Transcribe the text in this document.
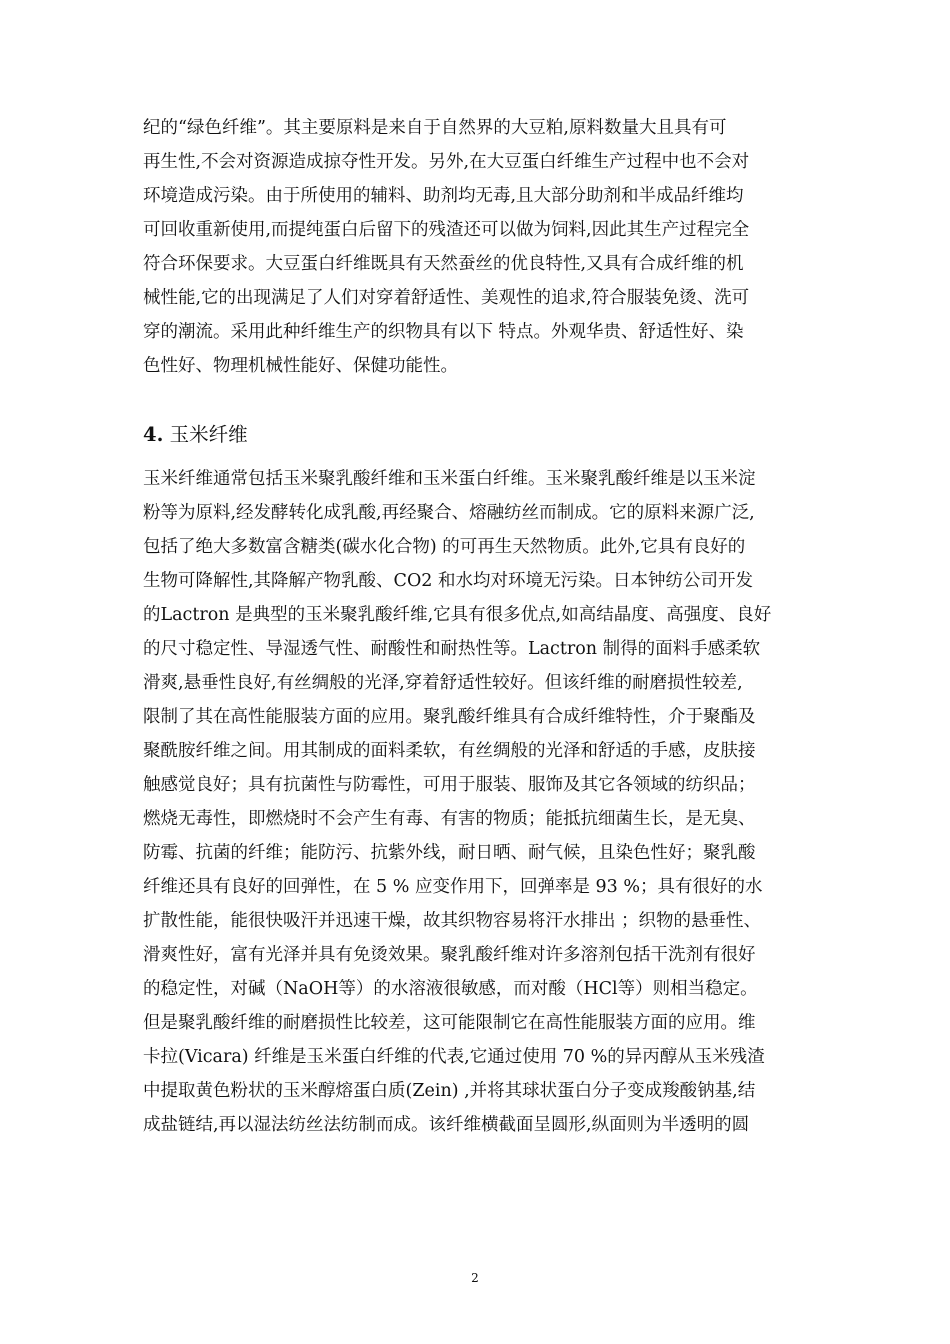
纪的“绿色纤维”。其主要原料是来自于自然界的大豆粕,原料数量大且具有可
再生性,不会对资源造成掠夺性开发。另外,在大豆蛋白纤维生产过程中也不会对
环境造成污染。由于所使用的辅料、助剂均无毒,且大部分助剂和半成品纤维均
可回收重新使用,而提纯蛋白后留下的残渣还可以做为饲料,因此其生产过程完全
符合环保要求。大豆蛋白纤维既具有天然蚕丝的优良特性,又具有合成纤维的机
械性能,它的出现满足了人们对穿着舒适性、美观性的追求,符合服装免烫、洗可
穿的潮流。采用此种纤维生产的织物具有以下 特点。外观华贵、舒适性好、染
色性好、物理机械性能好、保健功能性。
4. 玉米纤维
玉米纤维通常包括玉米聚乳酸纤维和玉米蛋白纤维。玉米聚乳酸纤维是以玉米淀
粉等为原料,经发酵转化成乳酸,再经聚合、熔融纺丝而制成。它的原料来源广泛,
包括了绝大多数富含糖类(碳水化合物) 的可再生天然物质。此外,它具有良好的
生物可降解性,其降解产物乳酸、CO2 和水均对环境无污染。日本钟纺公司开发
的Lactron 是典型的玉米聚乳酸纤维,它具有很多优点,如高结晶度、高强度、良好
的尺寸稳定性、导湿透气性、耐酸性和耐热性等。Lactron 制得的面料手感柔软
滑爽,悬垂性良好,有丝绸般的光泽,穿着舒适性较好。但该纤维的耐磨损性较差,
限制了其在高性能服装方面的应用。聚乳酸纤维具有合成纤维特性，介于聚酯及
聚酰胺纤维之间。用其制成的面料柔软，有丝绸般的光泽和舒适的手感，皮肤接
触感觉良好；具有抗菌性与防霉性，可用于服装、服饰及其它各领域的纺织品；
燃烧无毒性，即燃烧时不会产生有毒、有害的物质；能抵抗细菌生长，是无臭、
防霉、抗菌的纤维；能防污、抗紫外线，耐日晒、耐气候，且染色性好；聚乳酸
纤维还具有良好的回弹性，在 5 % 应变作用下，回弹率是 93 %；具有很好的水
扩散性能，能很快吸汗并迅速干燥，故其织物容易将汗水排出 ；织物的悬垂性、
滑爽性好，富有光泽并具有免烫效果。聚乳酸纤维对许多溶剂包括干洗剂有很好
的稳定性，对碱（NaOH等）的水溶液很敏感，而对酸（HCl等）则相当稳定。
但是聚乳酸纤维的耐磨损性比较差，这可能限制它在高性能服装方面的应用。维
卡拉(Vicara) 纤维是玉米蛋白纤维的代表,它通过使用 70 %的异丙醇从玉米残渣
中提取黄色粉状的玉米醇熔蛋白质(Zein) ,并将其球状蛋白分子变成羧酸钠基,结
成盐链结,再以湿法纺丝法纺制而成。该纤维横截面呈圆形,纵面则为半透明的圆
2
